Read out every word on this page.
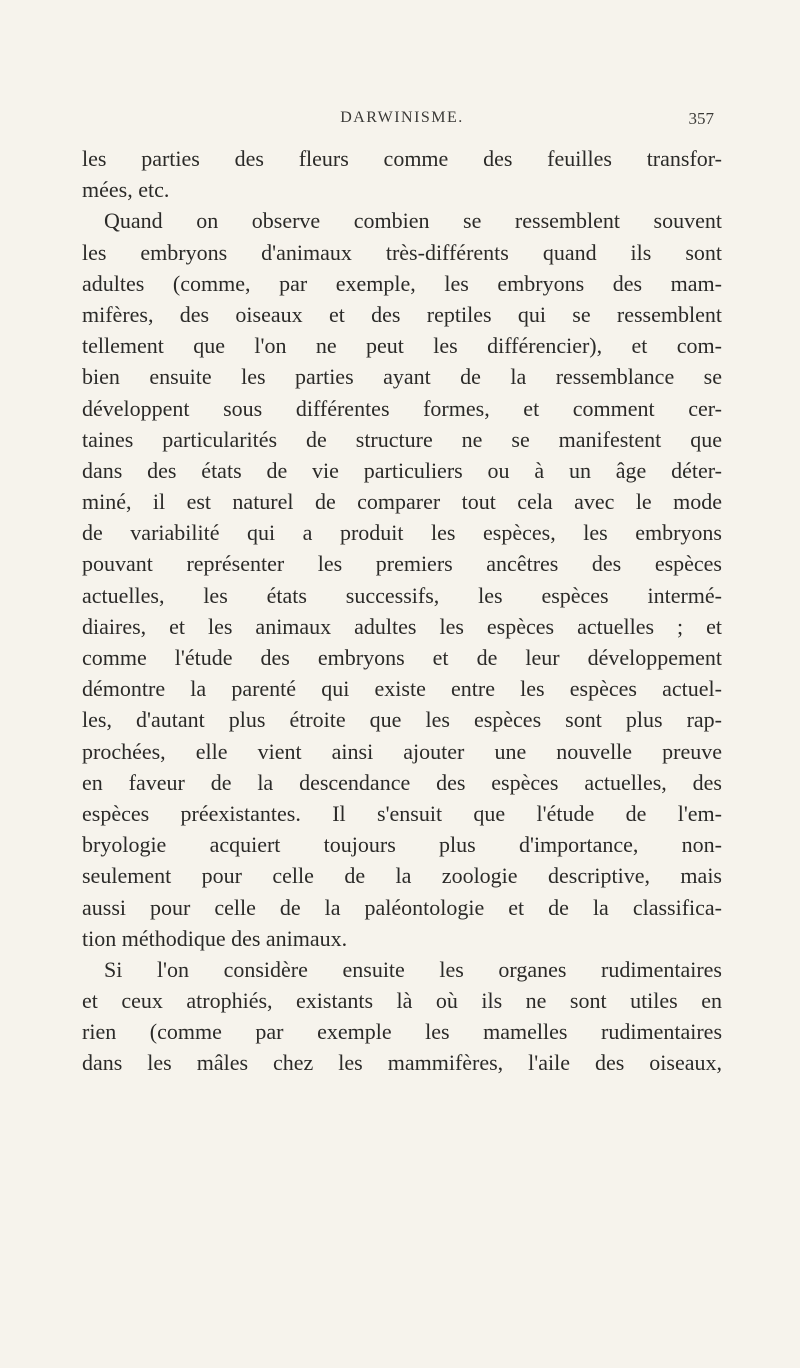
DARWINISME.	357
les parties des fleurs comme des feuilles transfor-
mées, etc.
Quand on observe combien se ressemblent souvent
les embryons d'animaux très-différents quand ils sont
adultes (comme, par exemple, les embryons des mam-
mifères, des oiseaux et des reptiles qui se ressemblent
tellement que l'on ne peut les différencier), et com-
bien ensuite les parties ayant de la ressemblance se
développent sous différentes formes, et comment cer-
taines particularités de structure ne se manifestent que
dans des états de vie particuliers ou à un âge déter-
miné, il est naturel de comparer tout cela avec le mode
de variabilité qui a produit les espèces, les embryons
pouvant représenter les premiers ancêtres des espèces
actuelles, les états successifs, les espèces intermé-
diaires, et les animaux adultes les espèces actuelles ; et
comme l'étude des embryons et de leur développement
démontre la parenté qui existe entre les espèces actuel-
les, d'autant plus étroite que les espèces sont plus rap-
prochées, elle vient ainsi ajouter une nouvelle preuve
en faveur de la descendance des espèces actuelles, des
espèces préexistantes. Il s'ensuit que l'étude de l'em-
bryologie acquiert toujours plus d'importance, non-
seulement pour celle de la zoologie descriptive, mais
aussi pour celle de la paléontologie et de la classifica-
tion méthodique des animaux.
Si l'on considère ensuite les organes rudimentaires
et ceux atrophiés, existants là où ils ne sont utiles en
rien (comme par exemple les mamelles rudimentaires
dans les mâles chez les mammifères, l'aile des oiseaux,
